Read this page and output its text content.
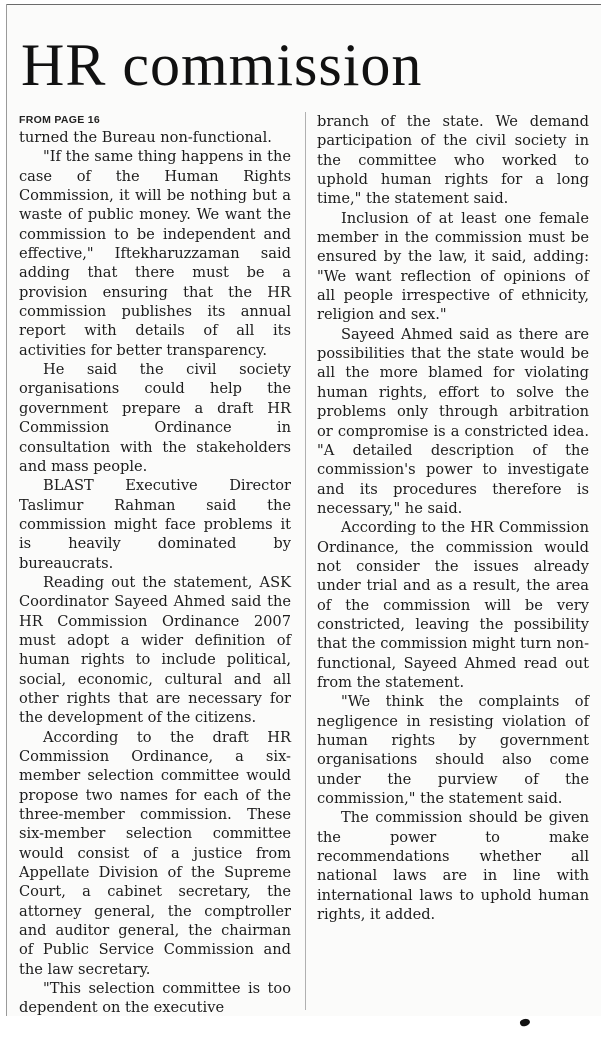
HR commission
FROM PAGE 16

turned the Bureau non-functional.

"If the same thing happens in the case of the Human Rights Commission, it will be nothing but a waste of public money. We want the commission to be independent and effective," Iftekharuzzaman said adding that there must be a provision ensuring that the HR commission publishes its annual report with details of all its activities for better transparency.

He said the civil society organisations could help the government prepare a draft HR Commission Ordinance in consultation with the stakeholders and mass people.

BLAST Executive Director Taslimur Rahman said the commission might face problems it is heavily dominated by bureaucrats.

Reading out the statement, ASK Coordinator Sayeed Ahmed said the HR Commission Ordinance 2007 must adopt a wider definition of human rights to include political, social, economic, cultural and all other rights that are necessary for the development of the citizens.

According to the draft HR Commission Ordinance, a six-member selection committee would propose two names for each of the three-member commission. These six-member selection committee would consist of a justice from Appellate Division of the Supreme Court, a cabinet secretary, the attorney general, the comptroller and auditor general, the chairman of Public Service Commission and the law secretary.

"This selection committee is too dependent on the executive

branch of the state. We demand participation of the civil society in the committee who worked to uphold human rights for a long time," the statement said.

Inclusion of at least one female member in the commission must be ensured by the law, it said, adding: "We want reflection of opinions of all people irrespective of ethnicity, religion and sex."

Sayeed Ahmed said as there are possibilities that the state would be all the more blamed for violating human rights, effort to solve the problems only through arbitration or compromise is a constricted idea. "A detailed description of the commission's power to investigate and its procedures therefore is necessary," he said.

According to the HR Commission Ordinance, the commission would not consider the issues already under trial and as a result, the area of the commission will be very constricted, leaving the possibility that the commission might turn non-functional, Sayeed Ahmed read out from the statement.

"We think the complaints of negligence in resisting violation of human rights by government organisations should also come under the purview of the commission," the statement said.

The commission should be given the power to make recommendations whether all national laws are in line with international laws to uphold human rights, it added.
